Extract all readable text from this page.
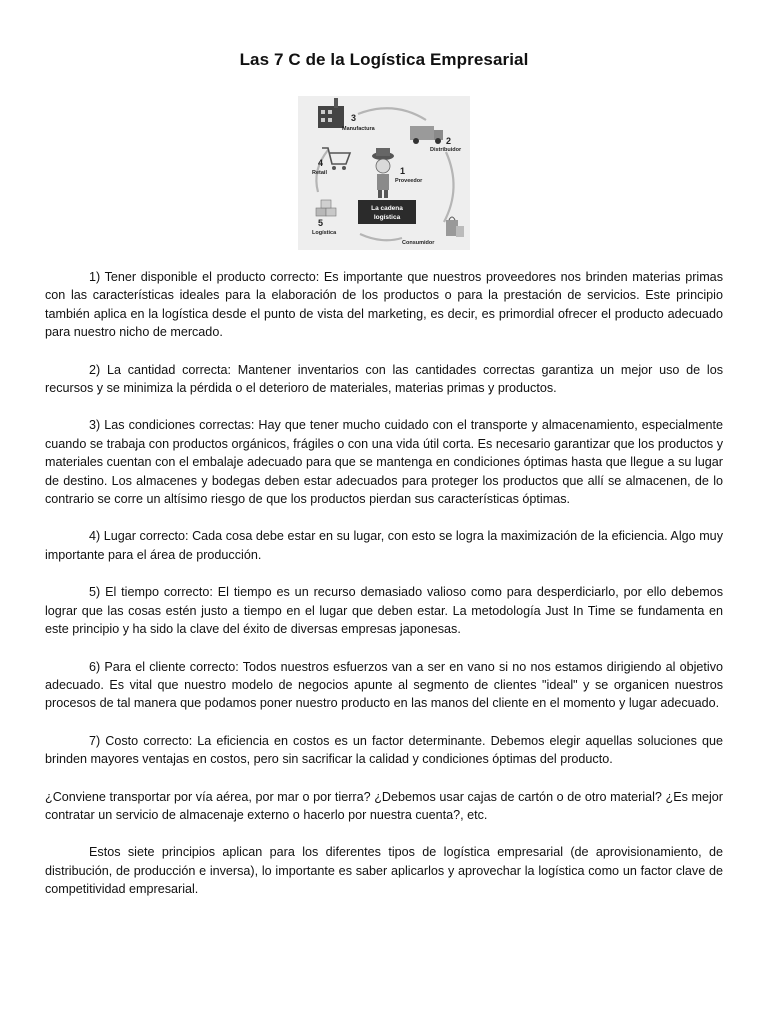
Las 7 C de la Logística Empresarial
3
Manufactura
2
Distribuidor
4
Retail	1
Proveedor
La cadena
logística
5
Logística
Consumidor

1) Tener disponible el producto correcto: Es importante que nuestros proveedores nos brinden materias primas con las características ideales para la elaboración de los productos o para la prestación de servicios. Este principio también aplica en la logística desde el punto de vista del marketing, es decir, es primordial ofrecer el producto adecuado para nuestro nicho de mercado.

2) La cantidad correcta: Mantener inventarios con las cantidades correctas garantiza un mejor uso de los recursos y se minimiza la pérdida o el deterioro de materiales, materias primas y productos.

3) Las condiciones correctas: Hay que tener mucho cuidado con el transporte y almacenamiento, especialmente cuando se trabaja con productos orgánicos, frágiles o con una vida útil corta. Es necesario garantizar que los productos y materiales cuentan con el embalaje adecuado para que se mantenga en condiciones óptimas hasta que llegue a su lugar de destino. Los almacenes y bodegas deben estar adecuados para proteger los productos que allí se almacenen, de lo contrario se corre un altísimo riesgo de que los productos pierdan sus características óptimas.

4) Lugar correcto: Cada cosa debe estar en su lugar, con esto se logra la maximización de la eficiencia. Algo muy importante para el área de producción.

5) El tiempo correcto: El tiempo es un recurso demasiado valioso como para desperdiciarlo, por ello debemos lograr que las cosas estén justo a tiempo en el lugar que deben estar. La metodología Just In Time se fundamenta en este principio y ha sido la clave del éxito de diversas empresas japonesas.

6) Para el cliente correcto: Todos nuestros esfuerzos van a ser en vano si no nos estamos dirigiendo al objetivo adecuado. Es vital que nuestro modelo de negocios apunte al segmento de clientes "ideal" y se organicen nuestros procesos de tal manera que podamos poner nuestro producto en las manos del cliente en el momento y lugar adecuado.

7) Costo correcto: La eficiencia en costos es un factor determinante. Debemos elegir aquellas soluciones que brinden mayores ventajas en costos, pero sin sacrificar la calidad y condiciones óptimas del producto.

¿Conviene transportar por vía aérea, por mar o por tierra? ¿Debemos usar cajas de cartón o de otro material? ¿Es mejor contratar un servicio de almacenaje externo o hacerlo por nuestra cuenta?, etc.

Estos siete principios aplican para los diferentes tipos de logística empresarial (de aprovisionamiento, de distribución, de producción e inversa), lo importante es saber aplicarlos y aprovechar la logística como un factor clave de competitividad empresarial.
